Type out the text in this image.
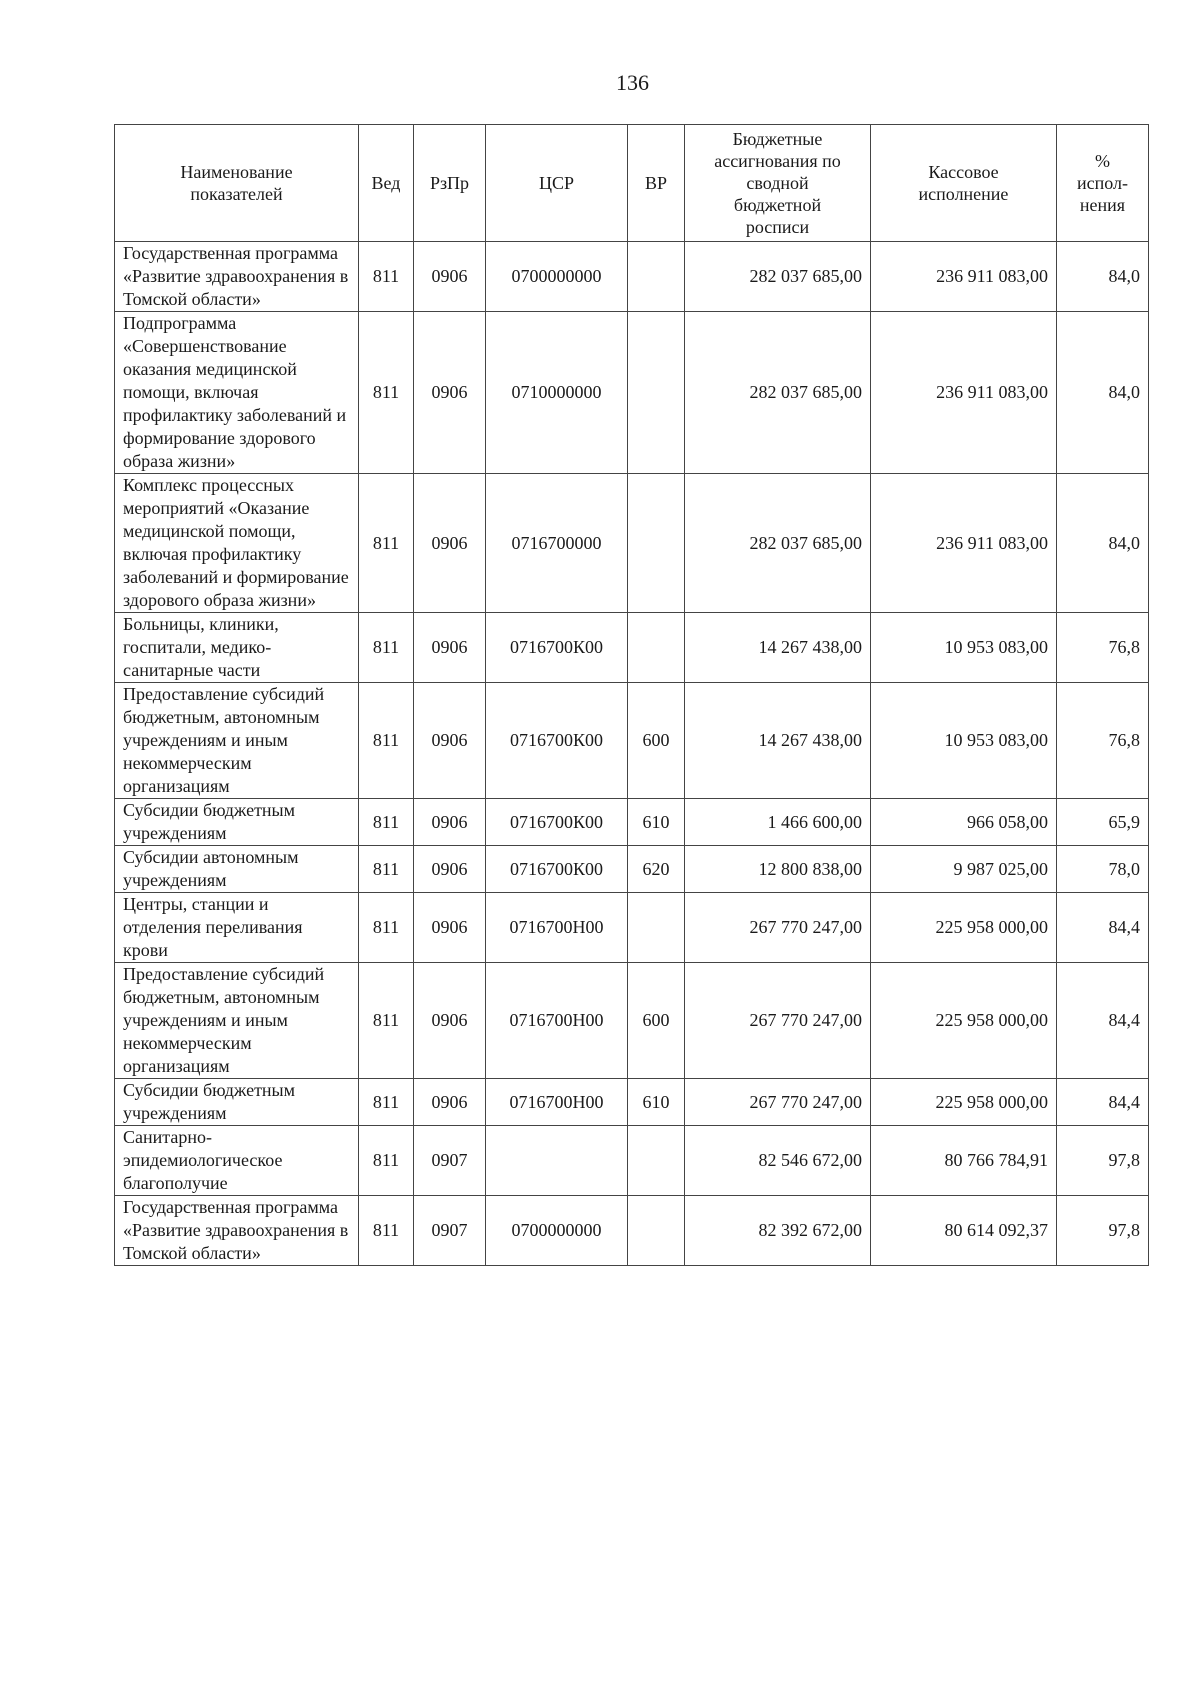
136
Наименование показателей	Вед	РзПр	ЦСР	ВР	Бюджетные ассигнования по сводной бюджетной росписи	Кассовое исполнение	% испол-нения
Государственная программа «Развитие здравоохранения в Томской области»	811	0906	0700000000		282 037 685,00	236 911 083,00	84,0
Подпрограмма «Совершенствование оказания медицинской помощи, включая профилактику заболеваний и формирование здорового образа жизни»	811	0906	0710000000		282 037 685,00	236 911 083,00	84,0
Комплекс процессных мероприятий «Оказание медицинской помощи, включая профилактику заболеваний и формирование здорового образа жизни»	811	0906	0716700000		282 037 685,00	236 911 083,00	84,0
Больницы, клиники, госпитали, медико-санитарные части	811	0906	0716700К00		14 267 438,00	10 953 083,00	76,8
Предоставление субсидий бюджетным, автономным учреждениям и иным некоммерческим организациям	811	0906	0716700К00	600	14 267 438,00	10 953 083,00	76,8
Субсидии бюджетным учреждениям	811	0906	0716700К00	610	1 466 600,00	966 058,00	65,9
Субсидии автономным учреждениям	811	0906	0716700К00	620	12 800 838,00	9 987 025,00	78,0
Центры, станции и отделения переливания крови	811	0906	0716700Н00		267 770 247,00	225 958 000,00	84,4
Предоставление субсидий бюджетным, автономным учреждениям и иным некоммерческим организациям	811	0906	0716700Н00	600	267 770 247,00	225 958 000,00	84,4
Субсидии бюджетным учреждениям	811	0906	0716700Н00	610	267 770 247,00	225 958 000,00	84,4
Санитарно-эпидемиологическое благополучие	811	0907			82 546 672,00	80 766 784,91	97,8
Государственная программа «Развитие здравоохранения в Томской области»	811	0907	0700000000		82 392 672,00	80 614 092,37	97,8
